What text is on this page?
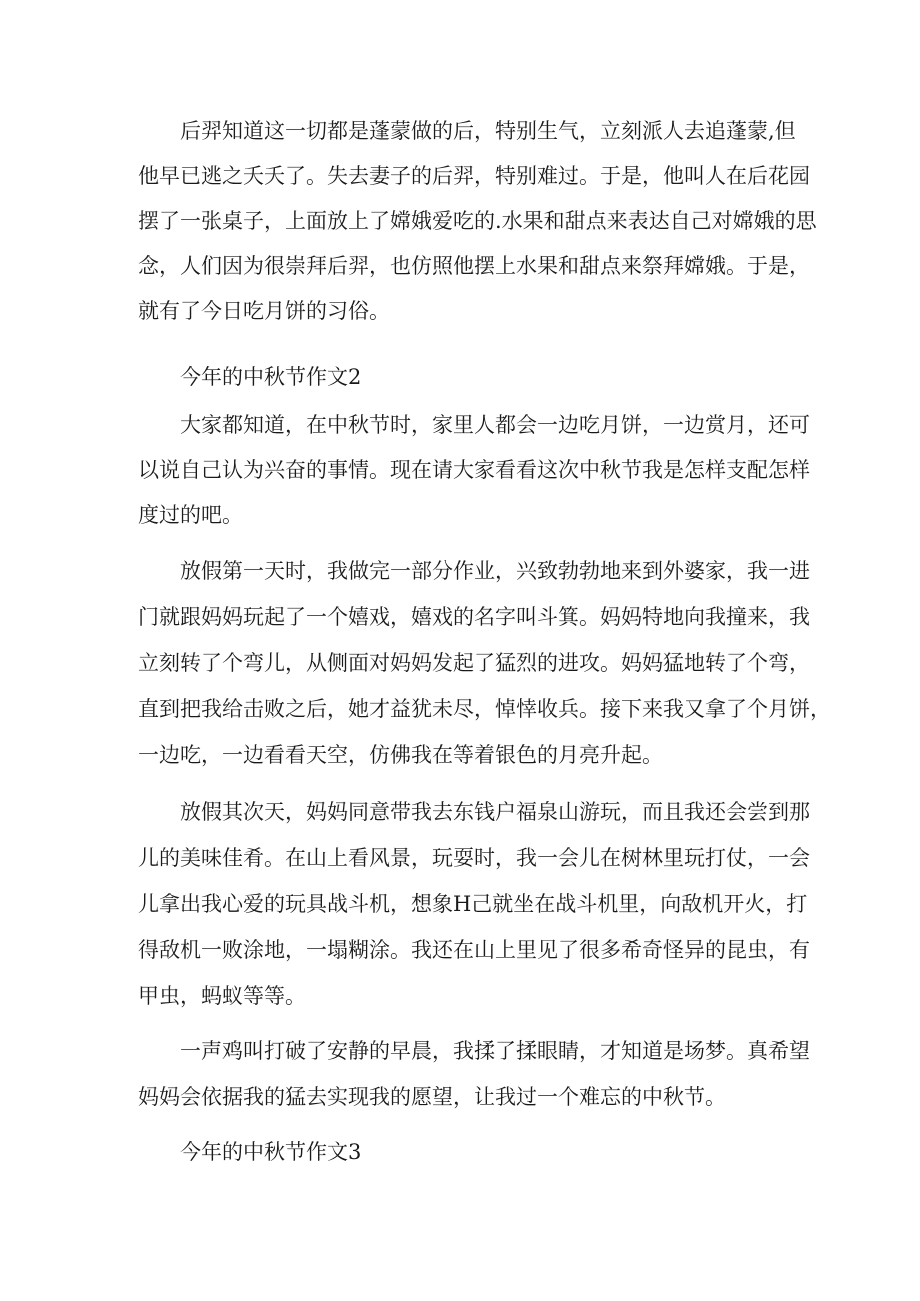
后羿知道这一切都是蓬蒙做的后，特别生气，立刻派人去追蓬蒙,但
他早已逃之夭夭了。失去妻子的后羿，特别难过。于是，他叫人在后花园
摆了一张桌子，上面放上了嫦娥爱吃的.水果和甜点来表达自己对嫦娥的思
念，人们因为很崇拜后羿，也仿照他摆上水果和甜点来祭拜嫦娥。于是，
就有了今日吃月饼的习俗。
今年的中秋节作文2
大家都知道，在中秋节时，家里人都会一边吃月饼，一边赏月，还可
以说自己认为兴奋的事情。现在请大家看看这次中秋节我是怎样支配怎样
度过的吧。
放假第一天时，我做完一部分作业，兴致勃勃地来到外婆家，我一进
门就跟妈妈玩起了一个嬉戏，嬉戏的名字叫斗箕。妈妈特地向我撞来，我
立刻转了个弯儿，从侧面对妈妈发起了猛烈的进攻。妈妈猛地转了个弯，
直到把我给击败之后，她才益犹未尽，悼悻收兵。接下来我又拿了个月饼，
一边吃，一边看看天空，仿佛我在等着银色的月亮升起。
放假其次天，妈妈同意带我去东钱户福泉山游玩，而且我还会尝到那
儿的美味佳肴。在山上看风景，玩耍时，我一会儿在树林里玩打仗，一会
儿拿出我心爱的玩具战斗机，想象H己就坐在战斗机里，向敌机开火，打
得敌机一败涂地，一塌糊涂。我还在山上里见了很多希奇怪异的昆虫，有
甲虫，蚂蚁等等。
一声鸡叫打破了安静的早晨，我揉了揉眼睛，才知道是场梦。真希望
妈妈会依据我的猛去实现我的愿望，让我过一个难忘的中秋节。
今年的中秋节作文3
